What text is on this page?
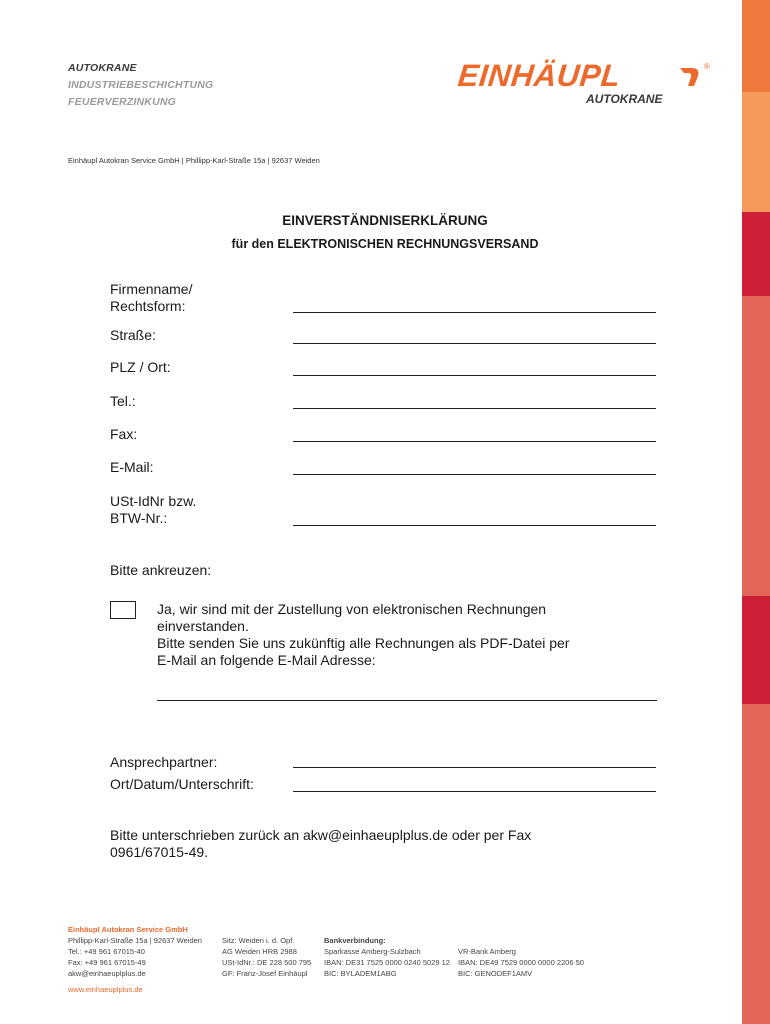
AUTOKRANE
INDUSTRIEBESCHICHTUNG
FEUERVERZINKUNG
EINHÄUPL	®
AUTOKRANE
Einhäupl Autokran Service GmbH | Phillipp-Karl-Straße 15a | 92637 Weiden
EINVERSTÄNDNISERKLÄRUNG
für den ELEKTRONISCHEN RECHNUNGSVERSAND
Firmenname/
Rechtsform:
Straße:
PLZ / Ort:
Tel.:
Fax:
E-Mail:
USt-IdNr bzw.
BTW-Nr.:
Bitte ankreuzen:
Ja, wir sind mit der Zustellung von elektronischen Rechnungen
einverstanden.
Bitte senden Sie uns zukünftig alle Rechnungen als PDF-Datei per
E-Mail an folgende E-Mail Adresse:
Ansprechpartner:
Ort/Datum/Unterschrift:
Bitte unterschrieben zurück an akw@einhaeuplplus.de oder per Fax
0961/67015-49.
Einhäupl Autokran Service GmbH
Phillipp-Karl-Straße 15a | 92637 Weiden
Tel.: +49 961 67015-40
Fax: +49 961 67015-49
akw@einhaeuplplus.de
Sitz: Weiden i. d. Opf.
AG Weiden HRB 2988
USt-IdNr.: DE 228 500 795
GF: Franz-Josef Einhäupl
Bankverbindung:
Sparkasse Amberg-Sulzbach
IBAN: DE31 7525 0000 0240 5029 12
BIC: BYLADEM1ABG
VR-Bank Amberg
IBAN: DE49 7529 0000 0000 2206 50
BIC: GENODEF1AMV
www.einhaeuplplus.de
